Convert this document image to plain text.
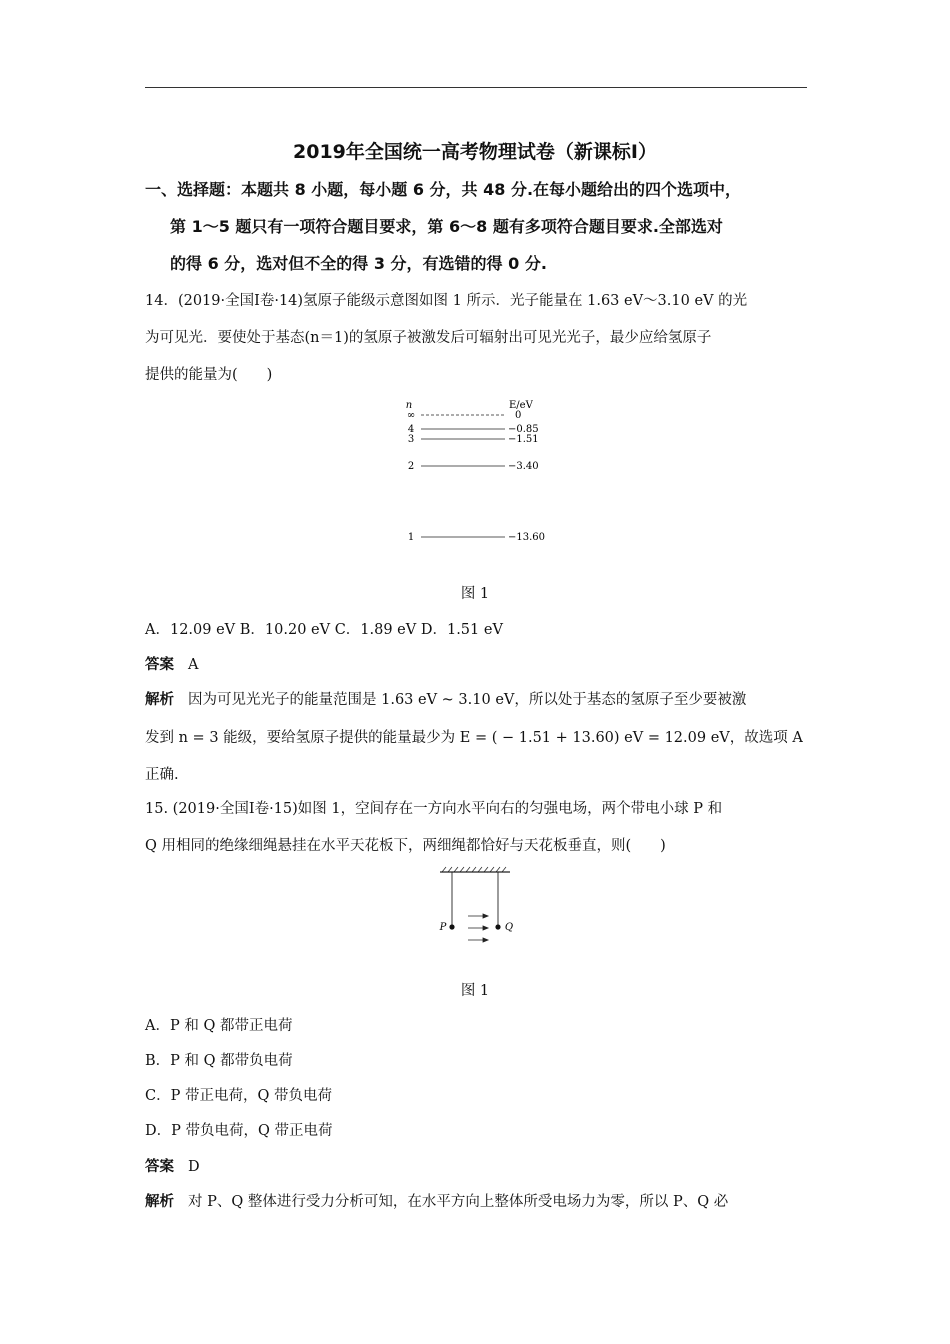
2019年全国统一高考物理试卷（新课标Ⅰ）
一、选择题：本题共 8 小题，每小题 6 分，共 48 分.在每小题给出的四个选项中，
第 1～5 题只有一项符合题目要求，第 6～8 题有多项符合题目要求.全部选对
的得 6 分，选对但不全的得 3 分，有选错的得 0 分.
14．(2019·全国Ⅰ卷·14)氢原子能级示意图如图 1 所示．光子能量在 1.63 eV～3.10 eV 的光
为可见光．要使处于基态(n＝1)的氢原子被激发后可辐射出可见光光子，最少应给氢原子
提供的能量为(　　)
n	E/eV
∞	0
4	−0.85
3	−1.51
2	−3.40
1	−13.60
图 1
A．12.09 eV B．10.20 eV C．1.89 eV D．1.51 eV
答案 A
解析 因为可见光光子的能量范围是 1.63 eV ~ 3.10 eV，所以处于基态的氢原子至少要被激
发到 n = 3 能级，要给氢原子提供的能量最少为 E = ( − 1.51 + 13.60) eV = 12.09 eV，故选项 A
正确.
15. (2019·全国Ⅰ卷·15)如图 1，空间存在一方向水平向右的匀强电场，两个带电小球 P 和
Q 用相同的绝缘细绳悬挂在水平天花板下，两细绳都恰好与天花板垂直，则(　　)
P	Q
图 1
A．P 和 Q 都带正电荷
B．P 和 Q 都带负电荷
C．P 带正电荷，Q 带负电荷
D．P 带负电荷，Q 带正电荷
答案 D
解析 对 P、Q 整体进行受力分析可知，在水平方向上整体所受电场力为零，所以 P、Q 必
